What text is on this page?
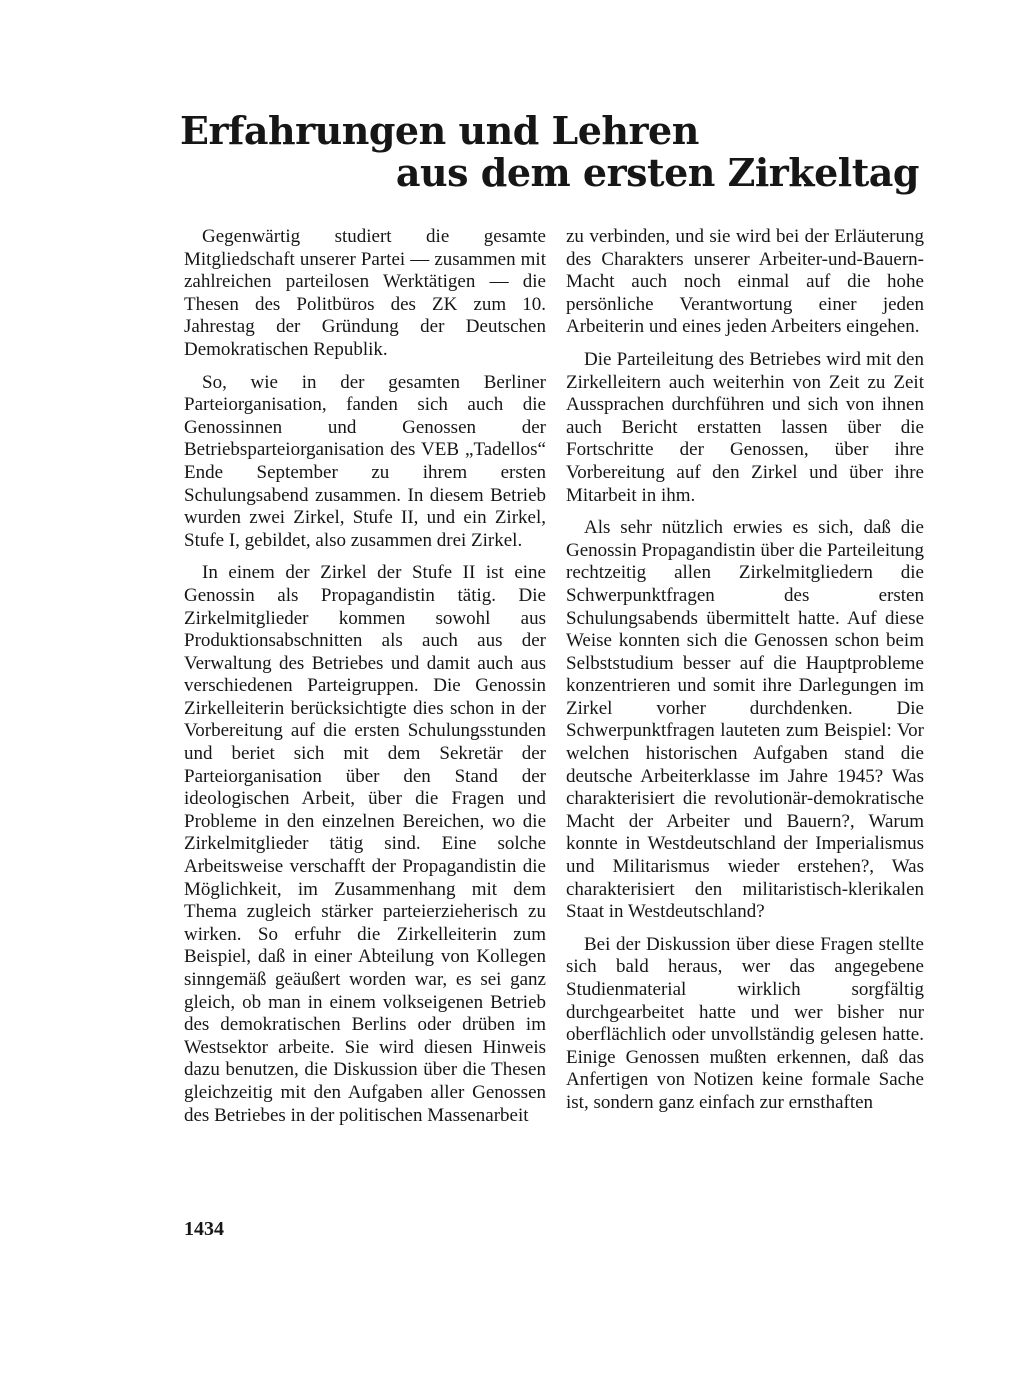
Erfahrungen und Lehren
aus dem ersten Zirkeltag

Gegenwärtig studiert die gesamte Mitgliedschaft unserer Partei — zusammen mit zahlreichen parteilosen Werktätigen — die Thesen des Politbüros des ZK zum 10. Jahrestag der Gründung der Deutschen Demokratischen Republik.

So, wie in der gesamten Berliner Parteiorganisation, fanden sich auch die Genossinnen und Genossen der Betriebsparteiorganisation des VEB „Tadellos“ Ende September zu ihrem ersten Schulungsabend zusammen. In diesem Betrieb wurden zwei Zirkel, Stufe II, und ein Zirkel, Stufe I, gebildet, also zusammen drei Zirkel.

In einem der Zirkel der Stufe II ist eine Genossin als Propagandistin tätig. Die Zirkelmitglieder kommen sowohl aus Produktionsabschnitten als auch aus der Verwaltung des Betriebes und damit auch aus verschiedenen Parteigruppen. Die Genossin Zirkelleiterin berücksichtigte dies schon in der Vorbereitung auf die ersten Schulungsstunden und beriet sich mit dem Sekretär der Parteiorganisation über den Stand der ideologischen Arbeit, über die Fragen und Probleme in den einzelnen Bereichen, wo die Zirkelmitglieder tätig sind. Eine solche Arbeitsweise verschafft der Propagandistin die Möglichkeit, im Zusammenhang mit dem Thema zugleich stärker parteierzieherisch zu wirken. So erfuhr die Zirkelleiterin zum Beispiel, daß in einer Abteilung von Kollegen sinngemäß geäußert worden war, es sei ganz gleich, ob man in einem volkseigenen Betrieb des demokratischen Berlins oder drüben im Westsektor arbeite. Sie wird diesen Hinweis dazu benutzen, die Diskussion über die Thesen gleichzeitig mit den Aufgaben aller Genossen des Betriebes in der politischen Massenarbeit

zu verbinden, und sie wird bei der Erläuterung des Charakters unserer Arbeiter-und-Bauern-Macht auch noch einmal auf die hohe persönliche Verantwortung einer jeden Arbeiterin und eines jeden Arbeiters eingehen.

Die Parteileitung des Betriebes wird mit den Zirkelleitern auch weiterhin von Zeit zu Zeit Aussprachen durchführen und sich von ihnen auch Bericht erstatten lassen über die Fortschritte der Genossen, über ihre Vorbereitung auf den Zirkel und über ihre Mitarbeit in ihm.

Als sehr nützlich erwies es sich, daß die Genossin Propagandistin über die Parteileitung rechtzeitig allen Zirkelmitgliedern die Schwerpunktfragen des ersten Schulungsabends übermittelt hatte. Auf diese Weise konnten sich die Genossen schon beim Selbststudium besser auf die Hauptprobleme konzentrieren und somit ihre Darlegungen im Zirkel vorher durchdenken. Die Schwerpunktfragen lauteten zum Beispiel: Vor welchen historischen Aufgaben stand die deutsche Arbeiterklasse im Jahre 1945? Was charakterisiert die revolutionär-demokratische Macht der Arbeiter und Bauern?, Warum konnte in Westdeutschland der Imperialismus und Militarismus wieder erstehen?, Was charakterisiert den militaristisch-klerikalen Staat in Westdeutschland?

Bei der Diskussion über diese Fragen stellte sich bald heraus, wer das angegebene Studienmaterial wirklich sorgfältig durchgearbeitet hatte und wer bisher nur oberflächlich oder unvollständig gelesen hatte. Einige Genossen mußten erkennen, daß das Anfertigen von Notizen keine formale Sache ist, sondern ganz einfach zur ernsthaften

1434
